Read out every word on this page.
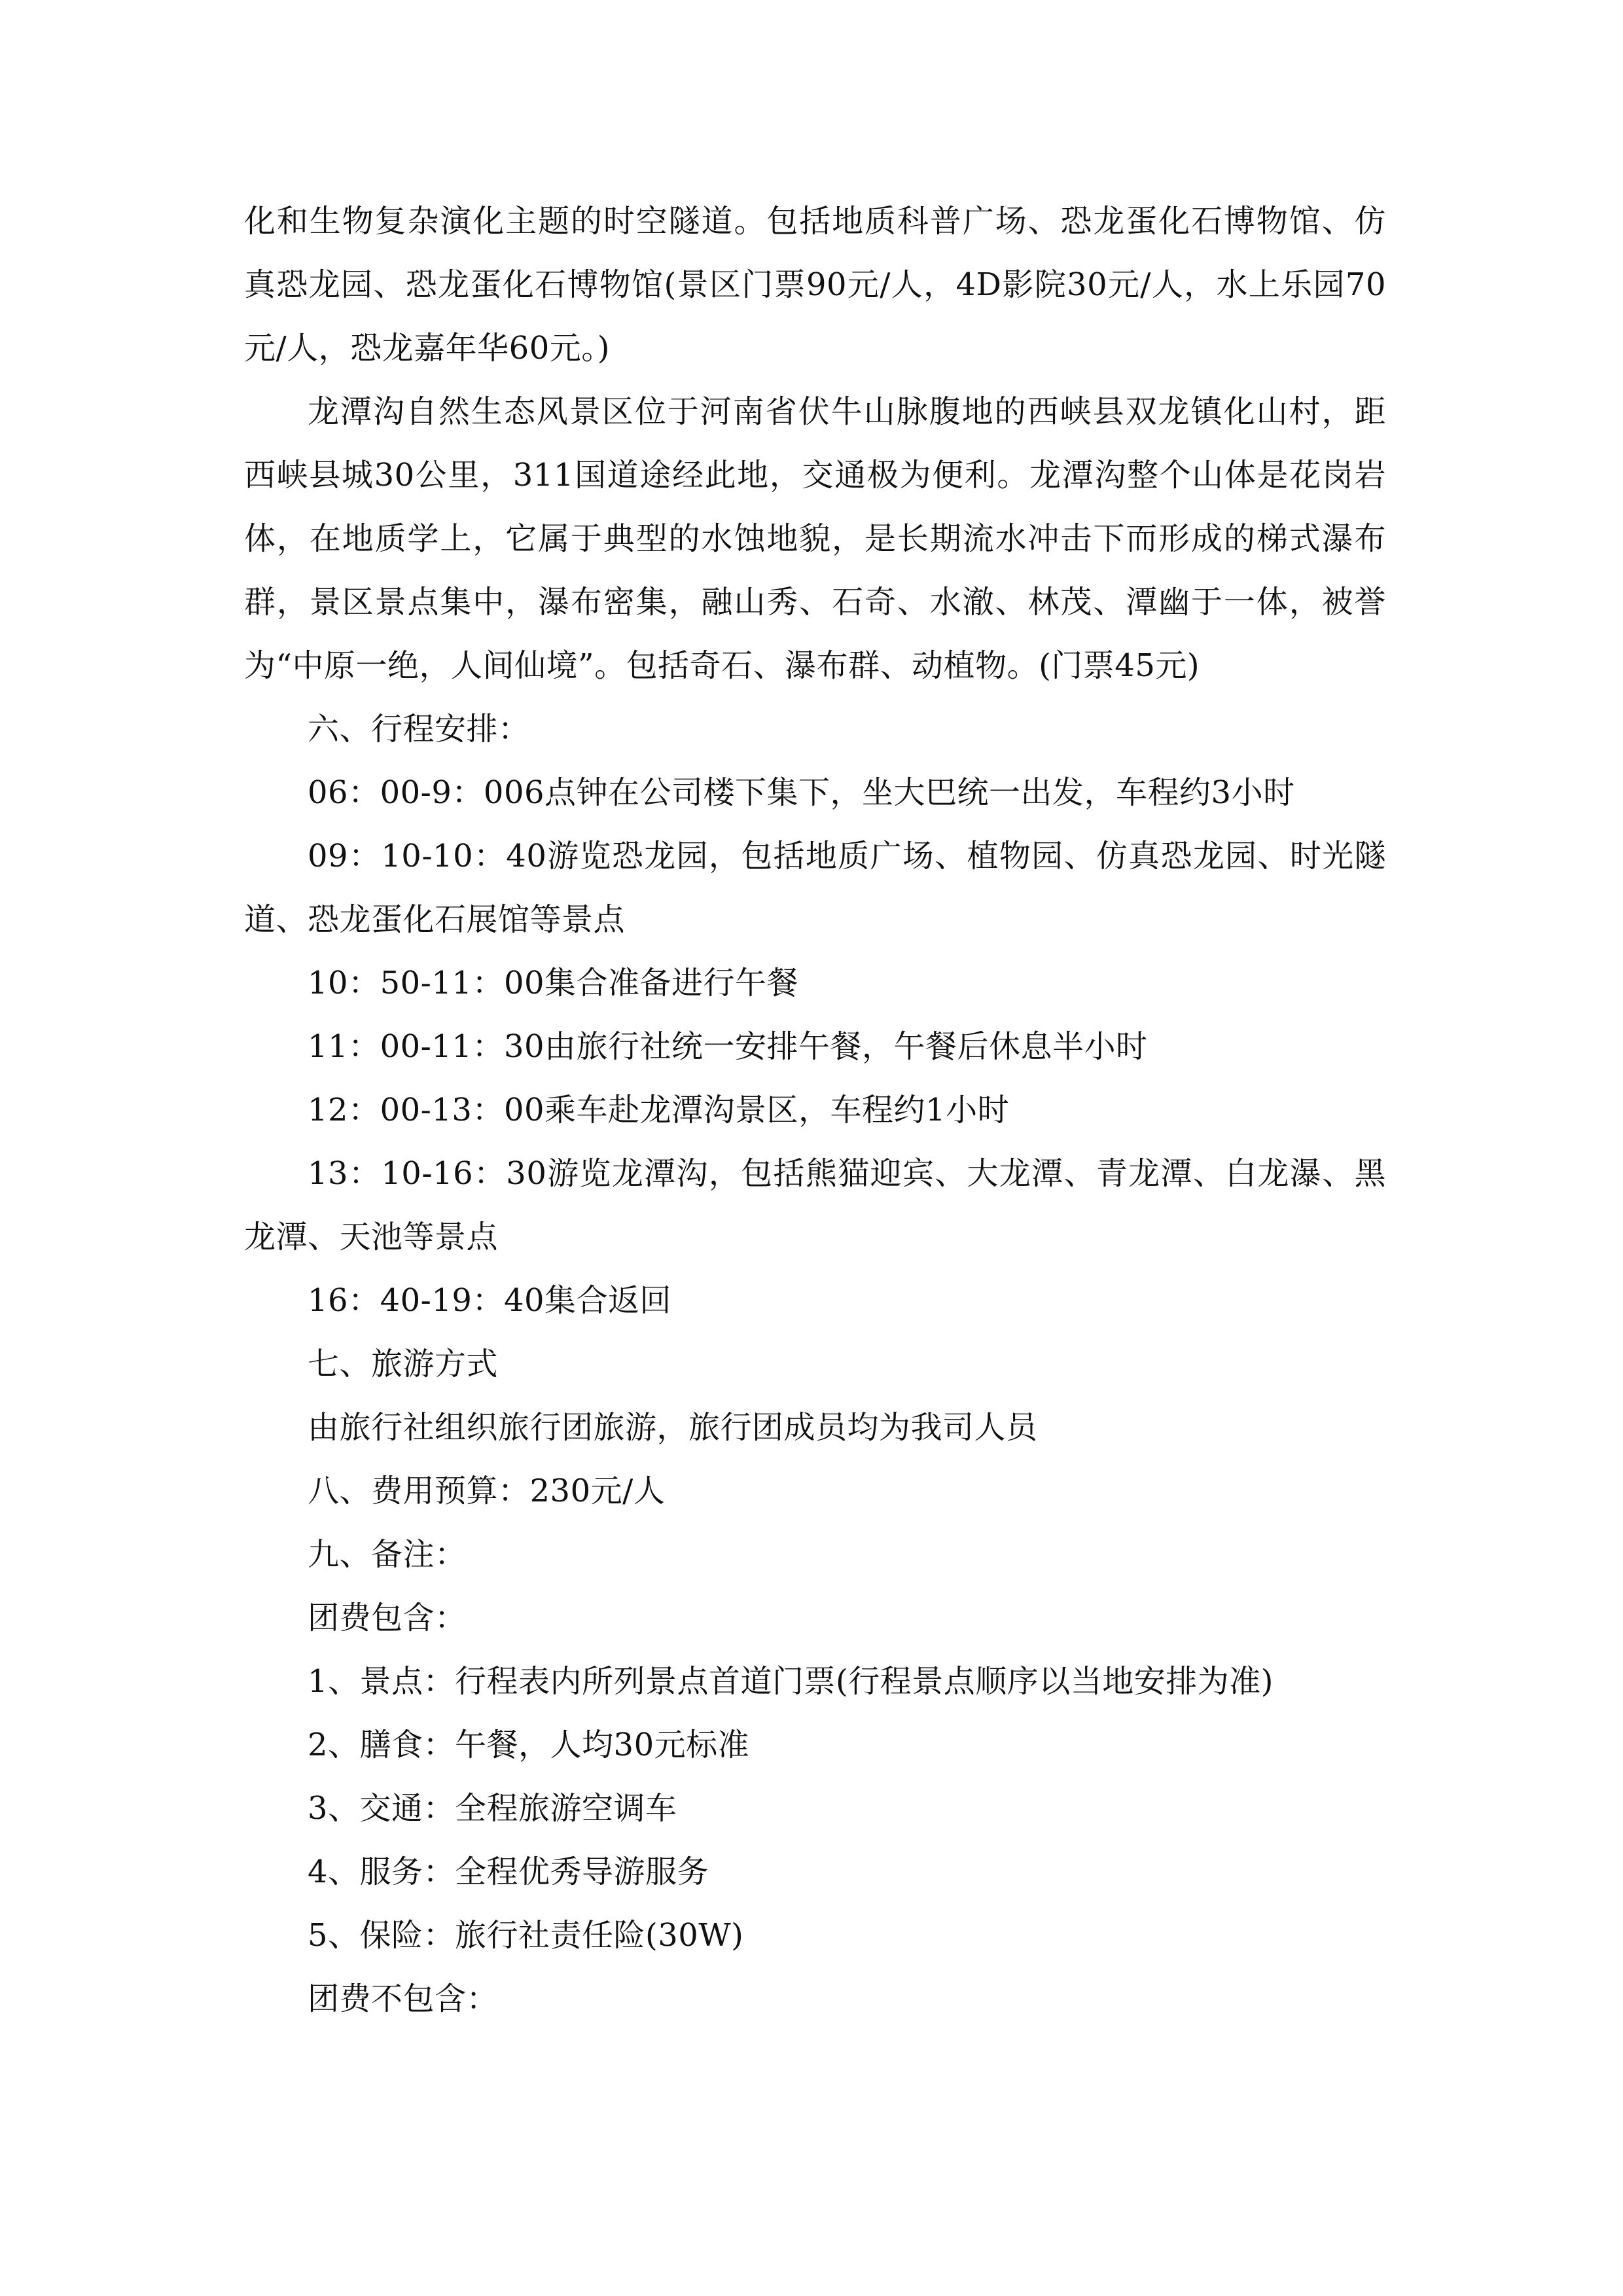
化和生物复杂演化主题的时空隧道。包括地质科普广场、恐龙蛋化石博物馆、仿真恐龙园、恐龙蛋化石博物馆(景区门票90元/人，4D影院30元/人，水上乐园70元/人，恐龙嘉年华60元。)

龙潭沟自然生态风景区位于河南省伏牛山脉腹地的西峡县双龙镇化山村，距西峡县城30公里，311国道途经此地，交通极为便利。龙潭沟整个山体是花岗岩体，在地质学上，它属于典型的水蚀地貌，是长期流水冲击下而形成的梯式瀑布群，景区景点集中，瀑布密集，融山秀、石奇、水澈、林茂、潭幽于一体，被誉为“中原一绝，人间仙境”。包括奇石、瀑布群、动植物。(门票45元)

六、行程安排：

06：00-9：006点钟在公司楼下集下，坐大巴统一出发，车程约3小时

09：10-10：40游览恐龙园，包括地质广场、植物园、仿真恐龙园、时光隧道、恐龙蛋化石展馆等景点

10：50-11：00集合准备进行午餐

11：00-11：30由旅行社统一安排午餐，午餐后休息半小时

12：00-13：00乘车赴龙潭沟景区，车程约1小时

13：10-16：30游览龙潭沟，包括熊猫迎宾、大龙潭、青龙潭、白龙瀑、黑龙潭、天池等景点

16：40-19：40集合返回

七、旅游方式

由旅行社组织旅行团旅游，旅行团成员均为我司人员

八、费用预算：230元/人

九、备注：

团费包含：

1、景点：行程表内所列景点首道门票(行程景点顺序以当地安排为准)

2、膳食：午餐，人均30元标准

3、交通：全程旅游空调车

4、服务：全程优秀导游服务

5、保险：旅行社责任险(30W)

团费不包含：
